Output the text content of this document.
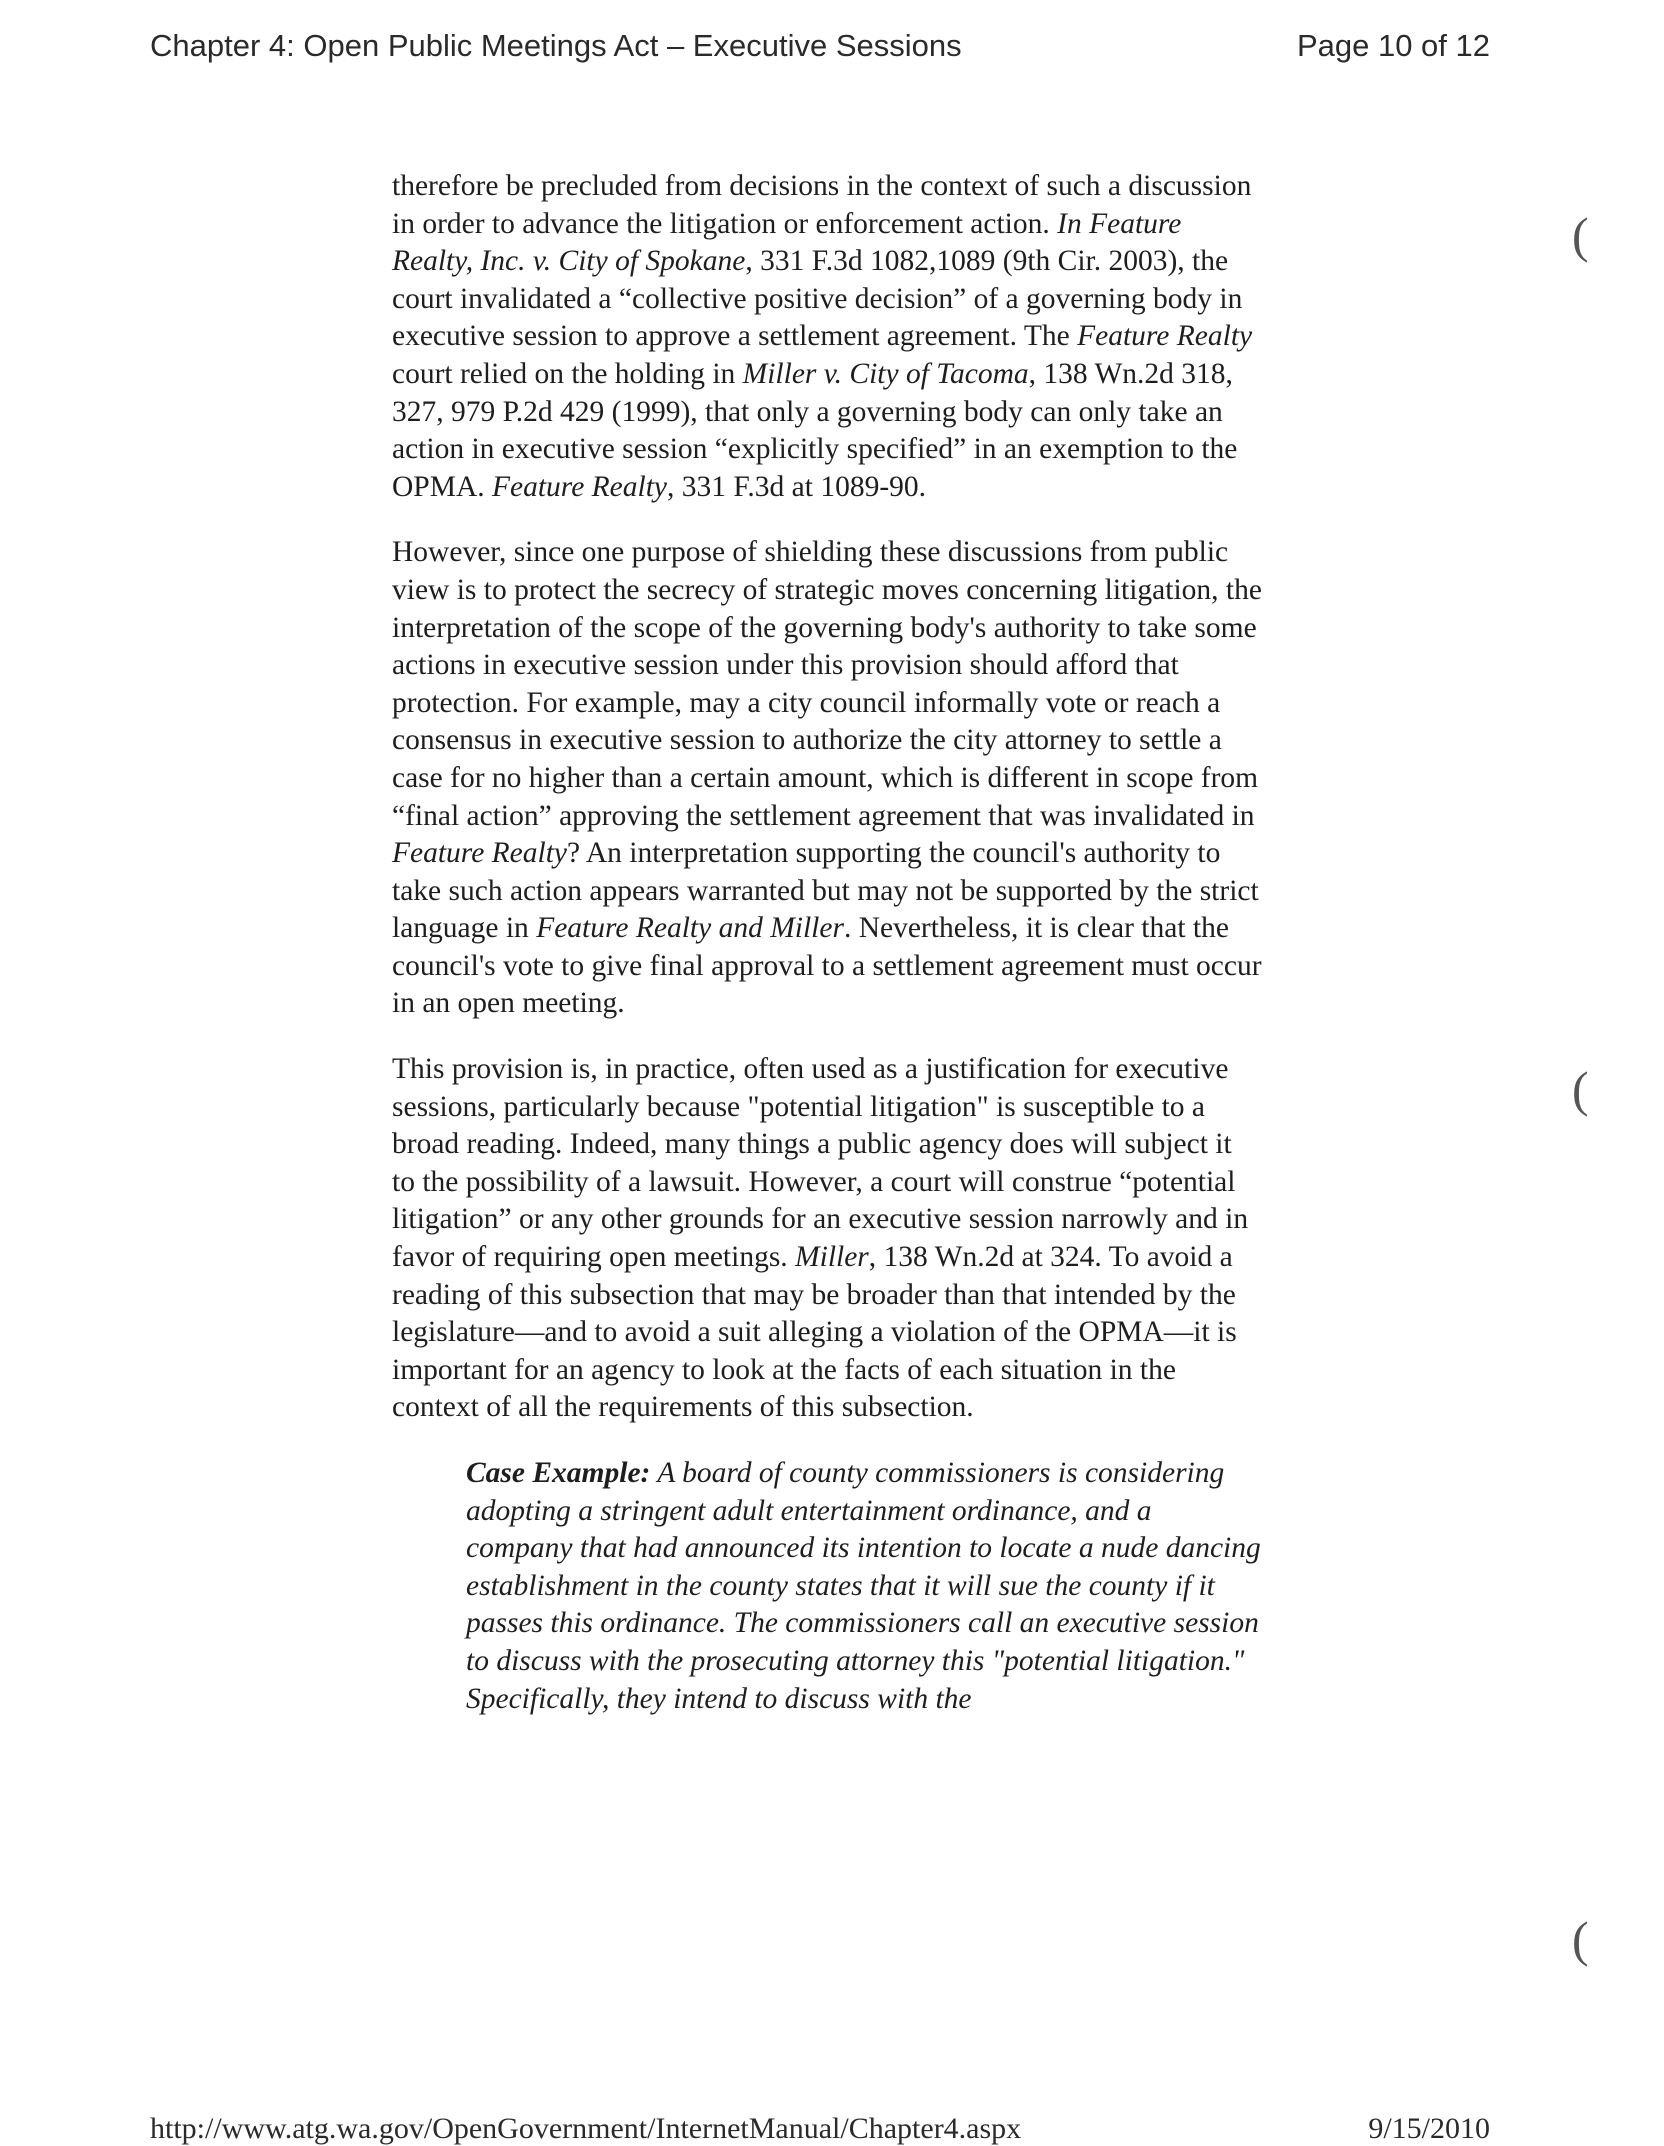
Chapter 4: Open Public Meetings Act – Executive Sessions	Page 10 of 12

therefore be precluded from decisions in the context of such a discussion in order to advance the litigation or enforcement action. In Feature Realty, Inc. v. City of Spokane, 331 F.3d 1082,1089 (9th Cir. 2003), the court invalidated a “collective positive decision” of a governing body in executive session to approve a settlement agreement. The Feature Realty court relied on the holding in Miller v. City of Tacoma, 138 Wn.2d 318, 327, 979 P.2d 429 (1999), that only a governing body can only take an action in executive session “explicitly specified” in an exemption to the OPMA. Feature Realty, 331 F.3d at 1089-90.

However, since one purpose of shielding these discussions from public view is to protect the secrecy of strategic moves concerning litigation, the interpretation of the scope of the governing body's authority to take some actions in executive session under this provision should afford that protection. For example, may a city council informally vote or reach a consensus in executive session to authorize the city attorney to settle a case for no higher than a certain amount, which is different in scope from “final action” approving the settlement agreement that was invalidated in Feature Realty? An interpretation supporting the council's authority to take such action appears warranted but may not be supported by the strict language in Feature Realty and Miller. Nevertheless, it is clear that the council's vote to give final approval to a settlement agreement must occur in an open meeting.

This provision is, in practice, often used as a justification for executive sessions, particularly because "potential litigation" is susceptible to a broad reading. Indeed, many things a public agency does will subject it to the possibility of a lawsuit. However, a court will construe “potential litigation” or any other grounds for an executive session narrowly and in favor of requiring open meetings. Miller, 138 Wn.2d at 324. To avoid a reading of this subsection that may be broader than that intended by the legislature—and to avoid a suit alleging a violation of the OPMA—it is important for an agency to look at the facts of each situation in the context of all the requirements of this subsection.

Case Example: A board of county commissioners is considering adopting a stringent adult entertainment ordinance, and a company that had announced its intention to locate a nude dancing establishment in the county states that it will sue the county if it passes this ordinance. The commissioners call an executive session to discuss with the prosecuting attorney this "potential litigation." Specifically, they intend to discuss with the

(
(
(
http://www.atg.wa.gov/OpenGovernment/InternetManual/Chapter4.aspx	9/15/2010
